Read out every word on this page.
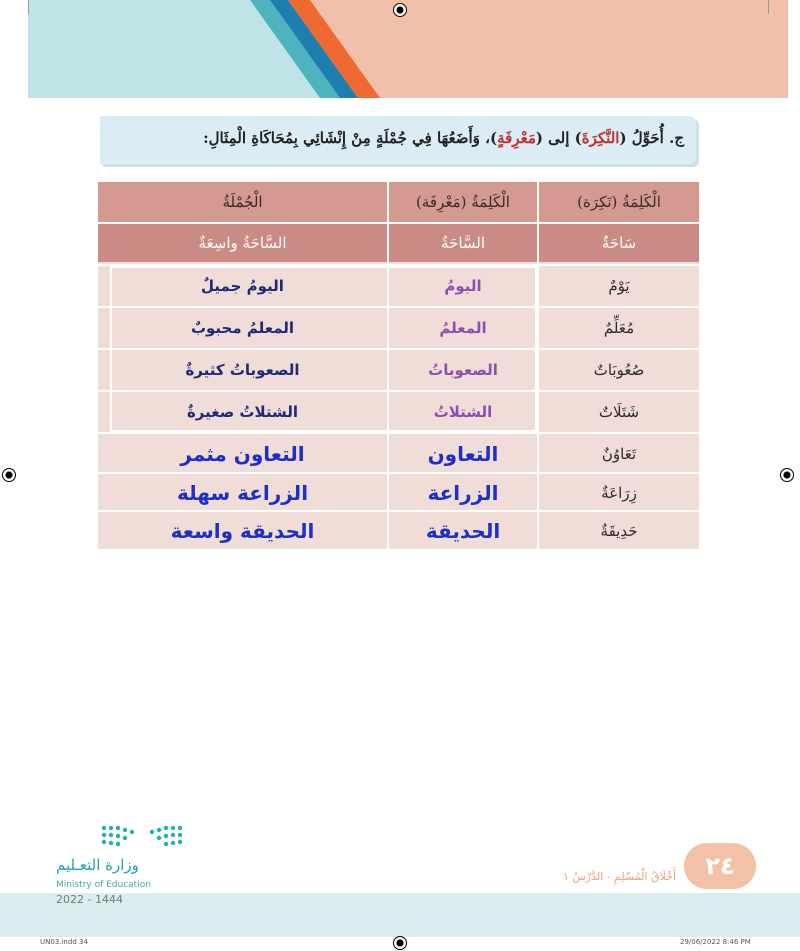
ج. أُحَوِّلُ (النَّكِرَةَ) إلى (مَعْرِفَةٍ)، وَأَضَعُهَا فِي جُمْلَةٍ مِنْ إِنْشَائِي بِمُحَاكَاةِ الْمِثَالِ:
الْكَلِمَةُ (نَكِرَة)
الْكَلِمَةُ (مَعْرِفَة)
الْجُمْلَةُ
سَاحَةٌ
السَّاحَةُ
السَّاحَةُ واسِعَةٌ
يَوْمٌ
اليومُ
اليومُ جميلٌ
مُعَلِّمٌ
المعلمُ
المعلمُ محبوبٌ
صُعُوبَاتٌ
الصعوباتُ
الصعوباتُ كثيرةٌ
شَتَلَاتٌ
الشتلاتُ
الشتلاتُ صغيرةٌ
تَعَاوُنٌ
التعاون
التعاون مثمر
زِرَاعَةٌ
الزراعة
الزراعة سهلة
حَدِيقَةٌ
الحديقة
الحديقة واسعة
٢٤
أَخْلَاقُ الْمُسْلِمِ - الدَّرْسُ ١
وزارة التعـليم
Ministry of Education
2022 - 1444
UN03.indd 34	29/06/2022 8:46 PM
